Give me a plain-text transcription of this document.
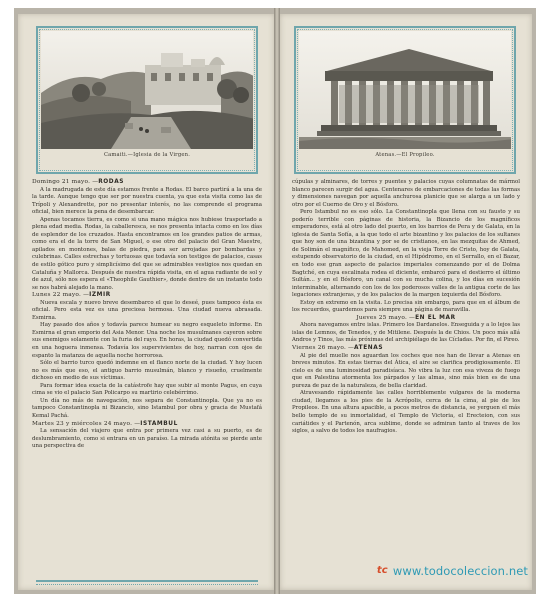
Camaiti.—Iglesia de la Virgen.

Domingo 21 mayo. —RODAS

A la madrugada de este día estamos frente a Rodas. El barco partirá a la una de la tarde. Aunque tengo que ser por nuestra cuenta, ya que esta visita como las de Trípoli y Alexandrette, por no presentar interés, no las comprende el programa oficial, bien merece la pena de desembarcar.

Apenas tocamos tierra, es como si una mano mágica nos hubiese trasportado a plena edad media. Rodas, la caballeresca, se nos presenta intacta como en los días de esplendor de los cruzados. Hasta encontramos en los grandes patios de armas, como era el de la torre de San Miguel, o ese otro del palacio del Gran Maestre, apilados en montones, balas de piedra, para ser arrojadas por bombardas y culebrinas. Calles estrechas y tortuosas que todavía son testigos de palacios, casas de estilo gótico puro y simplicísimo del que se admirables vestigios nos quedan en Cataluña y Mallorca. Después de nuestra rápida visita, en el agua radiante de sol y de azul, sólo nos espera el «Theophile Gauthier», donde dentro de un instante todo se nos habrá alejado la mano.

Lunes 22 mayo. —IZMIR

Nueva escala y nuevo breve desembarco el que lo deseé, pues tampoco ésta es oficial. Pero esta vez es una preciosa hermosa. Una ciudad nueva abrasada. Esmirna.

Hay pasado dos años y todavía parece humear su negro esqueleto informe. En Esmirna el gran emporio del Asia Menor. Una noche los musulmanes cayeron sobre sus enemigos solamente con la furia del rayo. En horas, la ciudad quedó convertida en una hoguera inmensa. Todavía los supervivientes de hoy, narran con ojos de espanto la matanza de aquella noche horrorosa.

Sólo el barrio turco quedó indemne en el flanco norte de la ciudad. Y hoy lucen no es más que eso, el antiguo barrio musulmán, blanco y risueño, cruelmente dichoso en medio de sus víctimas.

Para formar idea exacta de la catástrofe hay que subir al monte Pagus, en cuya cima se vio el palacio San Policarpo su martirio celebérrimo.

Un día no más de navegación, nos separa de Constantinopla. Que ya no es tampoco Constantinopla ni Bizancio, sino Istambul por obra y gracia de Mustafá Kemal Pachá.

Martes 23 y miércoles 24 mayo. —ISTAMBUL

La sensación del viajero que entra por primera vez casi a su puerto, es de deslumbramiento, como si entrara en un paraíso. La mirada atónita se pierde ante una perspectiva de

Atenas.—El Propileo.

cúpulas y alminares, de torres y puentes y palacios cuyas columnatas de mármol blanco parecen surgir del agua. Centenares de embarcaciones de todas las formas y dimensiones navegan por aquella anchurosa planicie que se alarga a un lado y otro por el Cuerno de Oro y el Bósforo.

Pero Istambul no es eso sólo. La Constantinopla que llena con su fausto y su poderío terrible con páginas de historia, la Bizancio de los magníficos emperadores, está al otro lado del puerto, en los barrios de Pera y de Galata, en la iglesia de Santa Sofía, a la que todo el arte bizantino y los palacios de los sultanes que hoy son de una bizantina y por se de cristianos, en las mezquitas de Ahmed, de Solimán el magnífico, de Mahomed, en la vieja Torre de Cristo, hoy de Galata, estupendo observatorio de la ciudad, en el Hipódromo, en el Serrallo, en el Bazar, en todo ese gran aspecto de palacios imperiales comenzando por el de Dolma Bagtché, en cuya escalinata rodea el diciente, embarcó para el destierro el último Sultán... y en el Bósforo, un canal con su mucha colina, y los días en sucesión interminable, alternando con los de los poderosos valles de la antigua corte de las legaciones extranjeras, y de los palacios de la margen izquierda del Bósforo.

Estoy en extremo en la visita. Lo precisa sin embargo, para que en el álbum de los recuerdos, guardemos para siempre una página de maravilla.

Jueves 25 mayo. —EN EL MAR

Ahora navegamos entre islas. Primero los Dardanelos. Enseguida y a lo lejos las islas de Lemnos, de Tenedos, y de Mitilene. Después la de Chios. Un poco más allá Andros y Tinos, las más próximas del archipiélago de las Cícladas. Por fin, el Pireo.

Viernes 26 mayo. —ATENAS

Al pie del muelle nos aguardan los coches que nos han de llevar a Atenas en breves minutos. En estas tierras del Ática, el aire se clarifica prodigiosamente. El cielo es de una luminosidad paradisíaca. No vibra la luz con esa viveza de fuego que en Palestina atormenta los párpados y las almas, sino más bien es de una pureza de paz de la naturaleza, de bella claridad.

Atravesando rápidamente las calles horriblemente vulgares de la moderna ciudad, llegamos a los pies de la Acrópolis, cerca de la cima, al pie de los Propileos. En una altura apacible, a pocos metros de distancia, se yerguen el más bello templo de su inmortalidad, el Templo de Victoria, el Erecteion, con sus cariátides y el Partenón, arca sublime, donde se admiran tanto al traves de los siglos, a salvo de todos los naufragios.

tc www.todocoleccion.net
